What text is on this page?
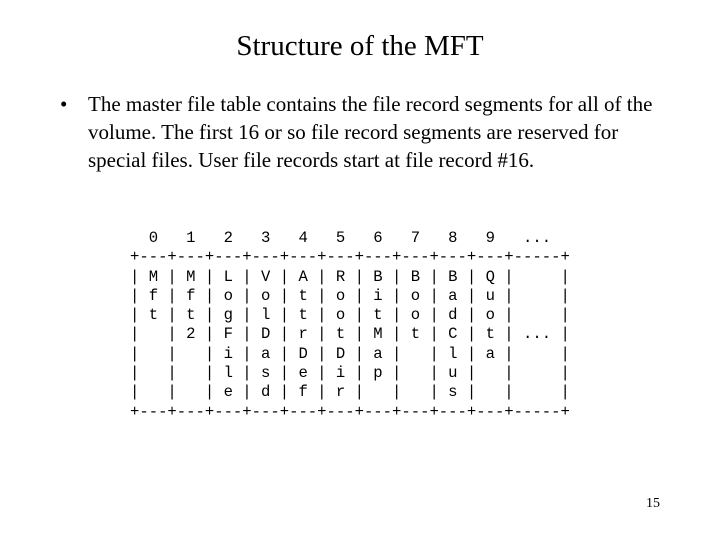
Structure of the MFT
• The master file table contains the file record segments for all of the volume. The first 16 or so file record segments are reserved for special files. User file records start at file record #16.
0   1   2   3   4   5   6   7   8   9   ...
+---+---+---+---+---+---+---+---+---+---+-----+
| M | M | L | V | A | R | B | B | B | Q |     |
| f | f | o | o | t | o | i | o | a | u |     |
| t | t | g | l | t | o | t | o | d | o |     |
|   | 2 | F | D | r | t | M | t | C | t | ... |
|   |   | i | a | D | D | a |   | l | a |     |
|   |   | l | s | e | i | p |   | u |   |     |
|   |   | e | d | f | r |   |   | s |   |     |
+---+---+---+---+---+---+---+---+---+---+-----+
15
